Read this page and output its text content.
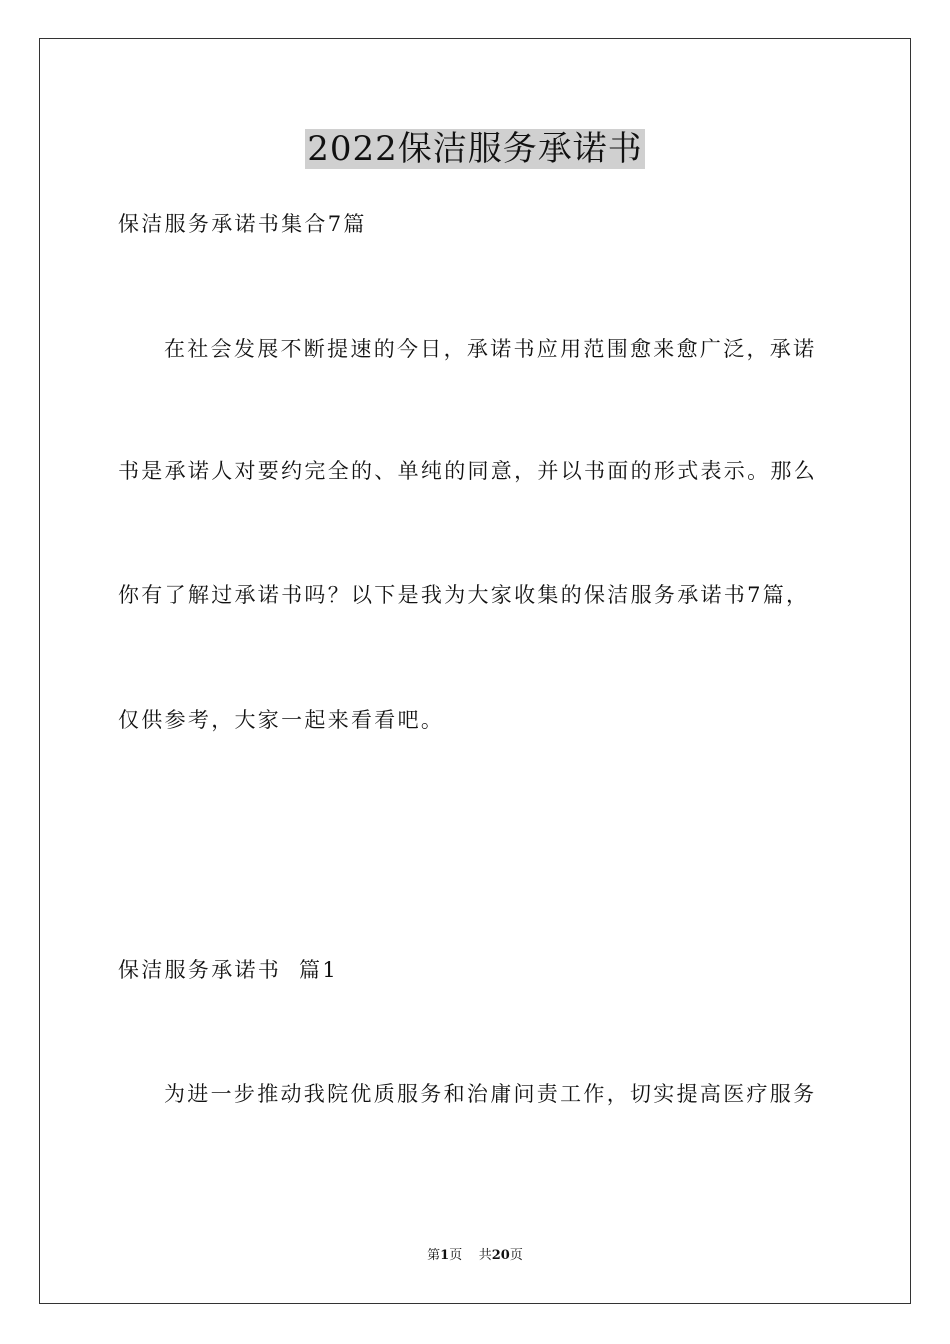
2022保洁服务承诺书

保洁服务承诺书集合7篇

在社会发展不断提速的今日，承诺书应用范围愈来愈广泛，承诺

书是承诺人对要约完全的、单纯的同意，并以书面的形式表示。那么

你有了解过承诺书吗？以下是我为大家收集的保洁服务承诺书7篇，

仅供参考，大家一起来看看吧。

保洁服务承诺书  篇1

为进一步推动我院优质服务和治庸问责工作，切实提高医疗服务

第1页 共20页
